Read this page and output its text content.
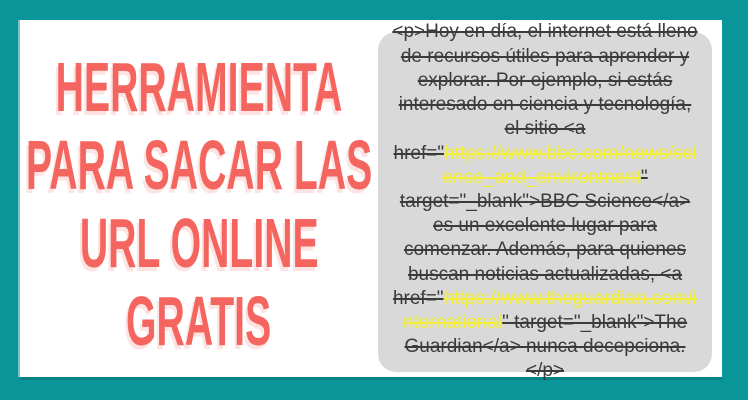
HERRAMIENTA
PARA SACAR LAS
URL ONLINE
GRATIS

<p>Hoy en día, el internet está lleno de recursos útiles para aprender y explorar. Por ejemplo, si estás interesado en ciencia y tecnología, el sitio <a href="https://www.bbc.com/news/science_and_environment" target="_blank">BBC Science</a> es un excelente lugar para comenzar. Además, para quienes buscan noticias actualizadas, <a href="https://www.theguardian.com/international" target="_blank">The Guardian</a> nunca decepciona.</p>
